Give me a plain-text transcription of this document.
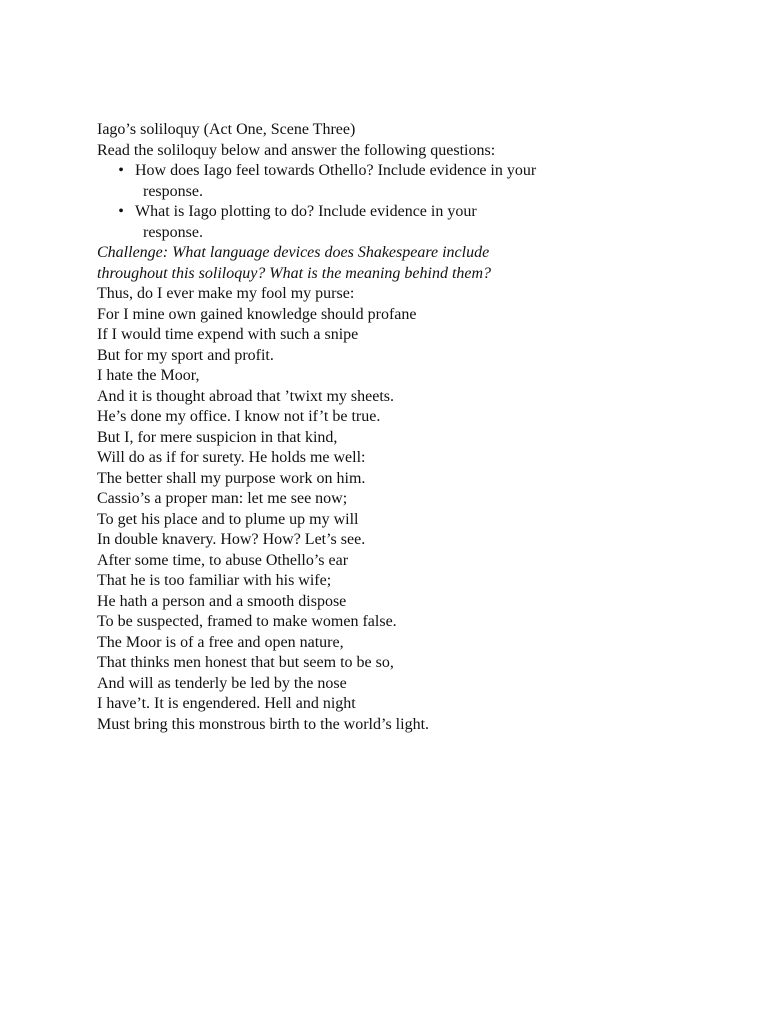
Iago’s soliloquy (Act One, Scene Three)

Read the soliloquy below and answer the following questions:

• How does Iago feel towards Othello? Include evidence in your response.
• What is Iago plotting to do? Include evidence in your response.

Challenge: What language devices does Shakespeare include

throughout this soliloquy? What is the meaning behind them?

Thus, do I ever make my fool my purse:

For I mine own gained knowledge should profane

If I would time expend with such a snipe

But for my sport and profit.

I hate the Moor,

And it is thought abroad that ’twixt my sheets.

He’s done my office. I know not if’t be true.

But I, for mere suspicion in that kind,

Will do as if for surety. He holds me well:

The better shall my purpose work on him.

Cassio’s a proper man: let me see now;

To get his place and to plume up my will

In double knavery. How? How? Let’s see.

After some time, to abuse Othello’s ear

That he is too familiar with his wife;

He hath a person and a smooth dispose

To be suspected, framed to make women false.

The Moor is of a free and open nature,

That thinks men honest that but seem to be so,

And will as tenderly be led by the nose

I have’t. It is engendered. Hell and night

Must bring this monstrous birth to the world’s light.
